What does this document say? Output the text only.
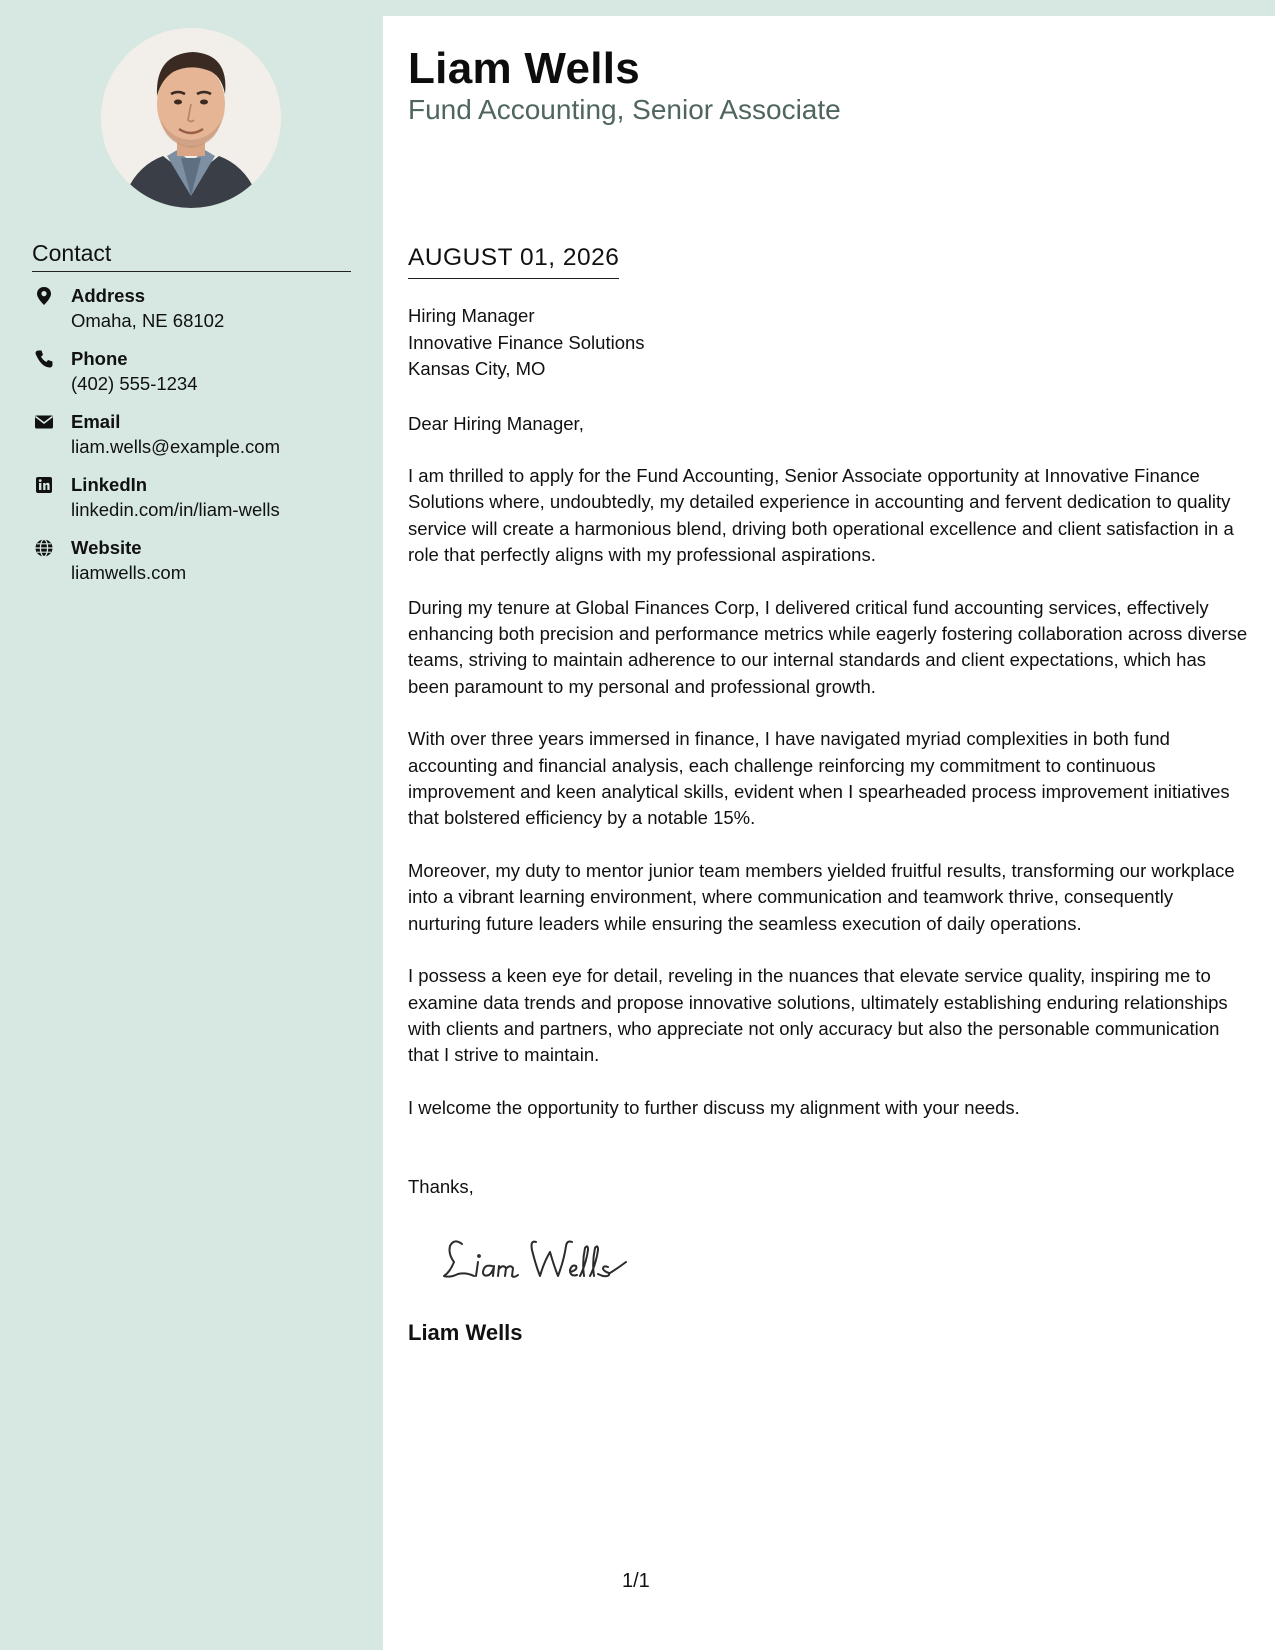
Contact
Address
Omaha, NE 68102
Phone
(402) 555-1234
Email
liam.wells@example.com
LinkedIn
linkedin.com/in/liam-wells
Website
liamwells.com
Liam Wells
Fund Accounting, Senior Associate
AUGUST 01, 2026
Hiring Manager
Innovative Finance Solutions
Kansas City, MO
Dear Hiring Manager,

I am thrilled to apply for the Fund Accounting, Senior Associate opportunity at Innovative Finance Solutions where, undoubtedly, my detailed experience in accounting and fervent dedication to quality service will create a harmonious blend, driving both operational excellence and client satisfaction in a role that perfectly aligns with my professional aspirations.

During my tenure at Global Finances Corp, I delivered critical fund accounting services, effectively enhancing both precision and performance metrics while eagerly fostering collaboration across diverse teams, striving to maintain adherence to our internal standards and client expectations, which has been paramount to my personal and professional growth.

With over three years immersed in finance, I have navigated myriad complexities in both fund accounting and financial analysis, each challenge reinforcing my commitment to continuous improvement and keen analytical skills, evident when I spearheaded process improvement initiatives that bolstered efficiency by a notable 15%.

Moreover, my duty to mentor junior team members yielded fruitful results, transforming our workplace into a vibrant learning environment, where communication and teamwork thrive, consequently nurturing future leaders while ensuring the seamless execution of daily operations.

I possess a keen eye for detail, reveling in the nuances that elevate service quality, inspiring me to examine data trends and propose innovative solutions, ultimately establishing enduring relationships with clients and partners, who appreciate not only accuracy but also the personable communication that I strive to maintain.

I welcome the opportunity to further discuss my alignment with your needs.

Thanks,
Liam Wells
1/1
